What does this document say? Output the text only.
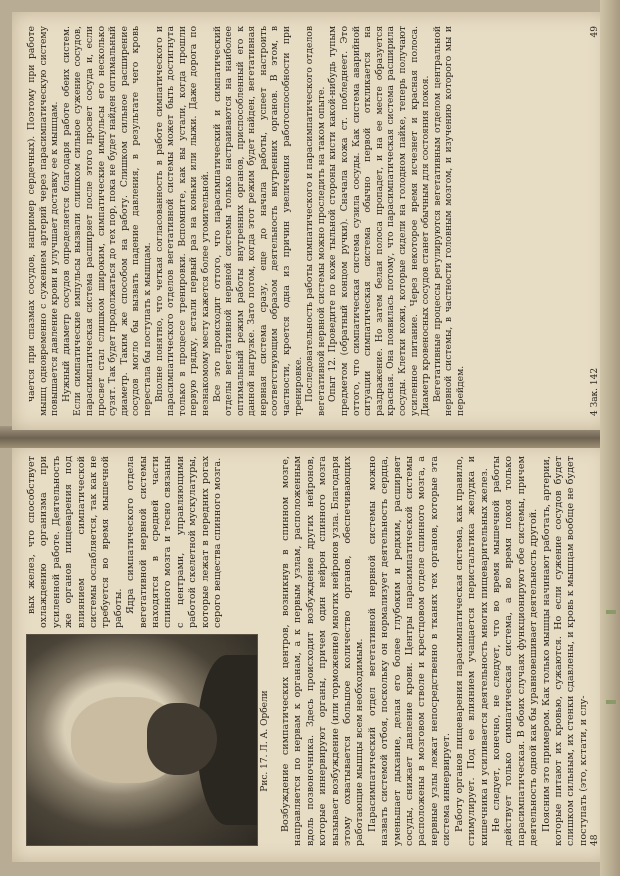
Рис. 17. Л. А. Орбели

вых желез, что способствует охлаждению организма при усиленной работе. Деятельность же органов пищеварения под влиянием симпатической системы ослабляется, так как не требуется во время мышечной работы. Ядра симпатического отдела вегетативной нервной системы находятся в средней части спинного мозга и тесно связаны с центрами, управляющими работой скелетной мускулатуры, которые лежат в передних рогах серого вещества спинного мозга.	Возбуждение симпатических центров, возникнув в спинном мозге, направляется по нервам к органам, а к первым узлам, расположенным вдоль позвоночника. Здесь происходит возбуждение других нейронов, которые иннервируют органы, причем один нейрон спинного мозга вызывает возбуждение (или торможение) многих нейронов узла. Благодаря этому охватывается большое количество органов, обеспечивающих работающие мышцы всем необходимым. Парасимпатический отдел вегетативной нервной системы можно назвать системой отбоя, поскольку он нормализует деятельность сердца, уменьшает дыхание, делая его более глубоким и редким, расширяет сосуды, снижает давление крови. Центры парасимпатической системы расположены в мозговом стволе и крестцовом отделе спинного мозга, а нервные узлы лежат непосредственно в тканях тех органов, которые эта система иннервирует. Работу органов пищеварения парасимпатическая система, как правило, стимулирует. Под ее влиянием учащается перистальтика желудка и кишечника и усиливается деятельность многих пищеварительных желез. Не следует, конечно, не следует, что во время мышечной работы действует только симпатическая система, а во время покоя только парасимпатическая. В обоих случаях функционируют обе системы, причем деятельность одной как бы уравновешивает деятельность другой. Поясним это примером. Как только мышцы начинают работать, артерии, которые питают их кровью, сужаются. Но если сужение сосудов будет слишком сильным, их стенки сдавлены, и кровь к мышцам вообще не будет поступать (это, кстати, и слу- 48

чается при спазмах сосудов, например сердечных). Поэтому при работе мышц одновременно с сужением артерий через парасимпатическую систему повышается давление крови и улучшает доставку ее к мышцам. Нужный диаметр сосудов определяется благодаря работе обеих систем. Если симпатические импульсы вызвали слишком сильное сужение сосудов, парасимпатическая система расширяет после этого просвет сосуда и, если просвет стал слишком широким, симпатические импульсы его несколько сузят. Так будет продолжаться до тех пор, пока не будет найден оптимальный диаметр. Таким же способом на работу. Слишком сильное расширение сосудов могло бы вызвать падение давления, в результате чего кровь перестала бы поступать к мышцам. Вполне понятно, что четкая согласованность в работе симпатического и парасимпатического отделов вегетативной системы может быть достигнута только в процессе тренировки. Вспомните, как вы устали, когда прошли первую грядку, встали первый раз на коньки или лыжи. Даже дорога по незнакомому месту кажется более утомительной. Все это происходит оттого, что парасимпатический и симпатический отделы вегетативной нервной системы только настраиваются на наиболее оптимальный режим работы внутренних органов, приспособленный его к данной нагрузке. Зато потом, когда этот режим будет найден, вегетативная нервная система сразу, еще до начала работы, успеет настроить соответствующим образом деятельность внутренних органов. В этом, в частности, кроется одна из причин увеличения работоспособности при тренировке. Последовательность работы симпатического и парасимпатического отделов вегетативной нервной системы можно проследить на таком опыте. Опыт 12. Проведите по коже тыльной стороны кисти какой-нибудь тупым предметом (обратный концом ручки). Сначала кожа ст. побледнеет. Это оттого, что симпатическая система сузила сосуды. Как система аварийной ситуации симпатическая система обычно первой откликается на раздражение. Но затем белая полоса пропадет, и на ее месте образуется красная. Она появилась потому, что парасимпатическая система расширила сосуды. Клетки кожи, которые сидели на голодном пайке, теперь получают усиленное питание. Через некоторое время исчезнет и красная полоса. Диаметр кровеносных сосудов станет обычным для состояния покоя. Вегетативные процессы регулируются вегетативным отделом центральной нервной системы, в частности головным мозгом, и изучению которого мы и перейдем.	4 Зак. 142
49
